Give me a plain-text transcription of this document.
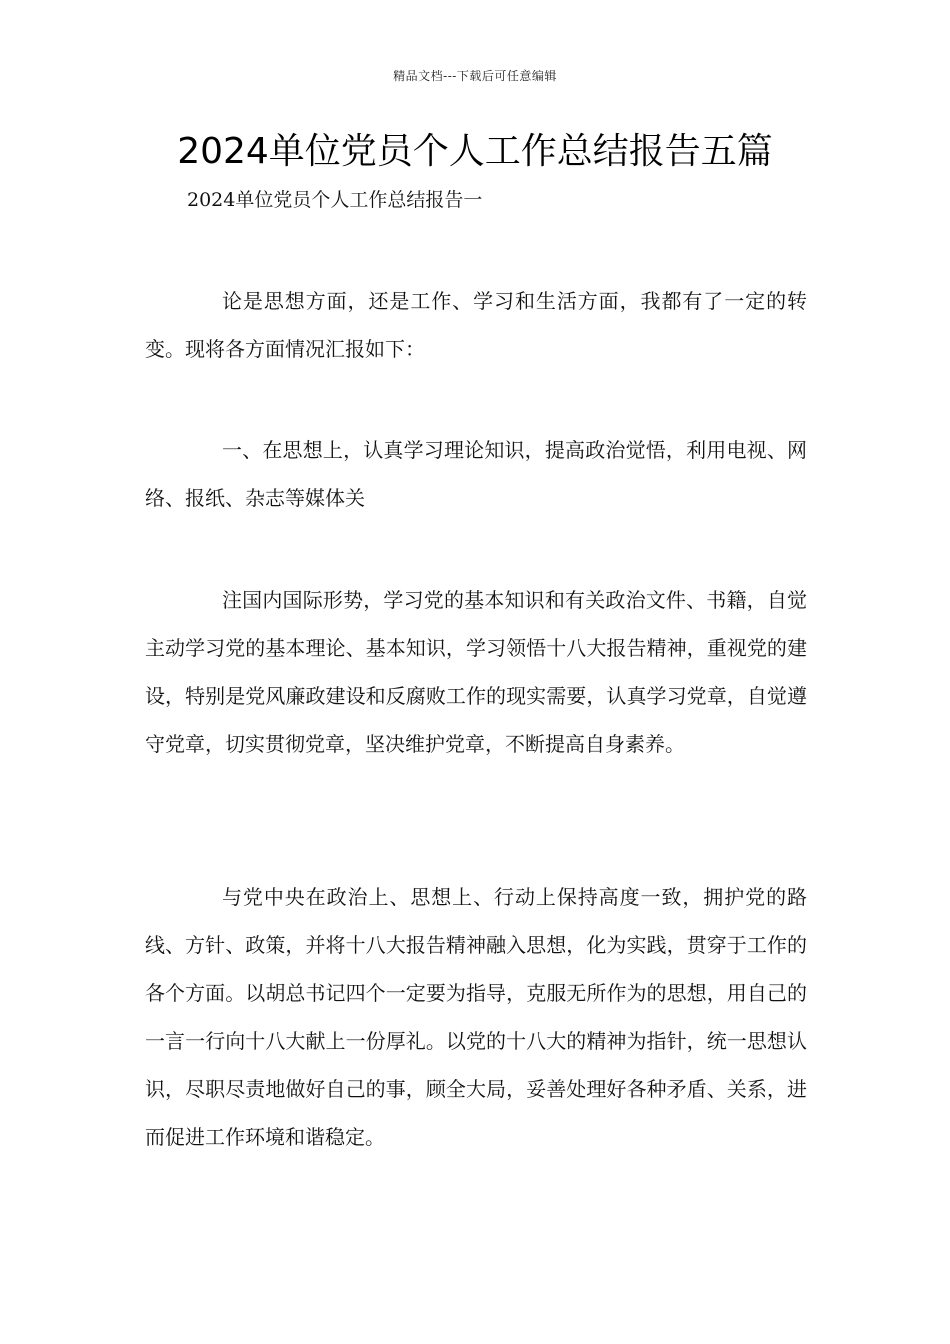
精品文档---下载后可任意编辑
2024单位党员个人工作总结报告五篇
2024单位党员个人工作总结报告一

论是思想方面，还是工作、学习和生活方面，我都有了一定的转变。现将各方面情况汇报如下：

一、在思想上，认真学习理论知识，提高政治觉悟，利用电视、网络、报纸、杂志等媒体关

注国内国际形势，学习党的基本知识和有关政治文件、书籍，自觉主动学习党的基本理论、基本知识，学习领悟十八大报告精神，重视党的建设，特别是党风廉政建设和反腐败工作的现实需要，认真学习党章，自觉遵守党章，切实贯彻党章，坚决维护党章，不断提高自身素养。

与党中央在政治上、思想上、行动上保持高度一致，拥护党的路线、方针、政策，并将十八大报告精神融入思想，化为实践，贯穿于工作的各个方面。以胡总书记四个一定要为指导，克服无所作为的思想，用自己的一言一行向十八大献上一份厚礼。以党的十八大的精神为指针，统一思想认识，尽职尽责地做好自己的事，顾全大局，妥善处理好各种矛盾、关系，进而促进工作环境和谐稳定。
